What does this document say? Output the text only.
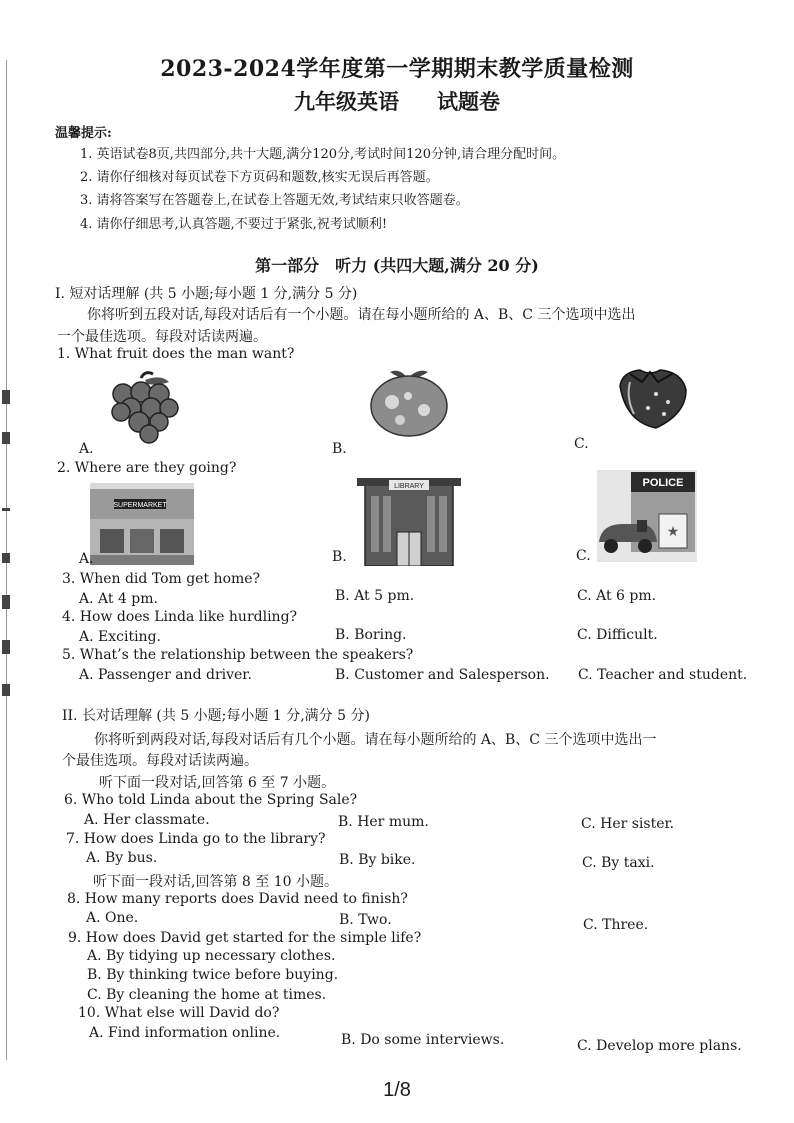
2023-2024学年度第一学期期末教学质量检测
九年级英语 试题卷
温馨提示:
1. 英语试卷8页,共四部分,共十大题,满分120分,考试时间120分钟,请合理分配时间。
2. 请你仔细核对每页试卷下方页码和题数,核实无误后再答题。
3. 请将答案写在答题卷上,在试卷上答题无效,考试结束只收答题卷。
4. 请你仔细思考,认真答题,不要过于紧张,祝考试顺利!
第一部分　听力 (共四大题,满分 20 分)
I. 短对话理解 (共 5 小题;每小题 1 分,满分 5 分)
你将听到五段对话,每段对话后有一个小题。请在每小题所给的 A、B、C 三个选项中选出
一个最佳选项。每段对话读两遍。
1. What fruit does the man want?
A.	B.	C.
2. Where are they going?
SUPERMARKET
A.
LIBRARY
B.
POLICE
★
C.
3. When did Tom get home?
A. At 4 pm.	B. At 5 pm.	C. At 6 pm.
4. How does Linda like hurdling?
A. Exciting.	B. Boring.	C. Difficult.
5. What’s the relationship between the speakers?
A. Passenger and driver.	B. Customer and Salesperson. C. Teacher and student.
II. 长对话理解 (共 5 小题;每小题 1 分,满分 5 分)
你将听到两段对话,每段对话后有几个小题。请在每小题所给的 A、B、C 三个选项中选出一
个最佳选项。每段对话读两遍。
听下面一段对话,回答第 6 至 7 小题。
6. Who told Linda about the Spring Sale?
A. Her classmate.	B. Her mum.	C. Her sister.
7. How does Linda go to the library?
A. By bus.	B. By bike.	C. By taxi.
听下面一段对话,回答第 8 至 10 小题。
8. How many reports does David need to finish?
A. One.	B. Two.	C. Three.
9. How does David get started for the simple life?
A. By tidying up necessary clothes.
B. By thinking twice before buying.
C. By cleaning the home at times.
10. What else will David do?
A. Find information online.	B. Do some interviews.	C. Develop more plans.
1/8
